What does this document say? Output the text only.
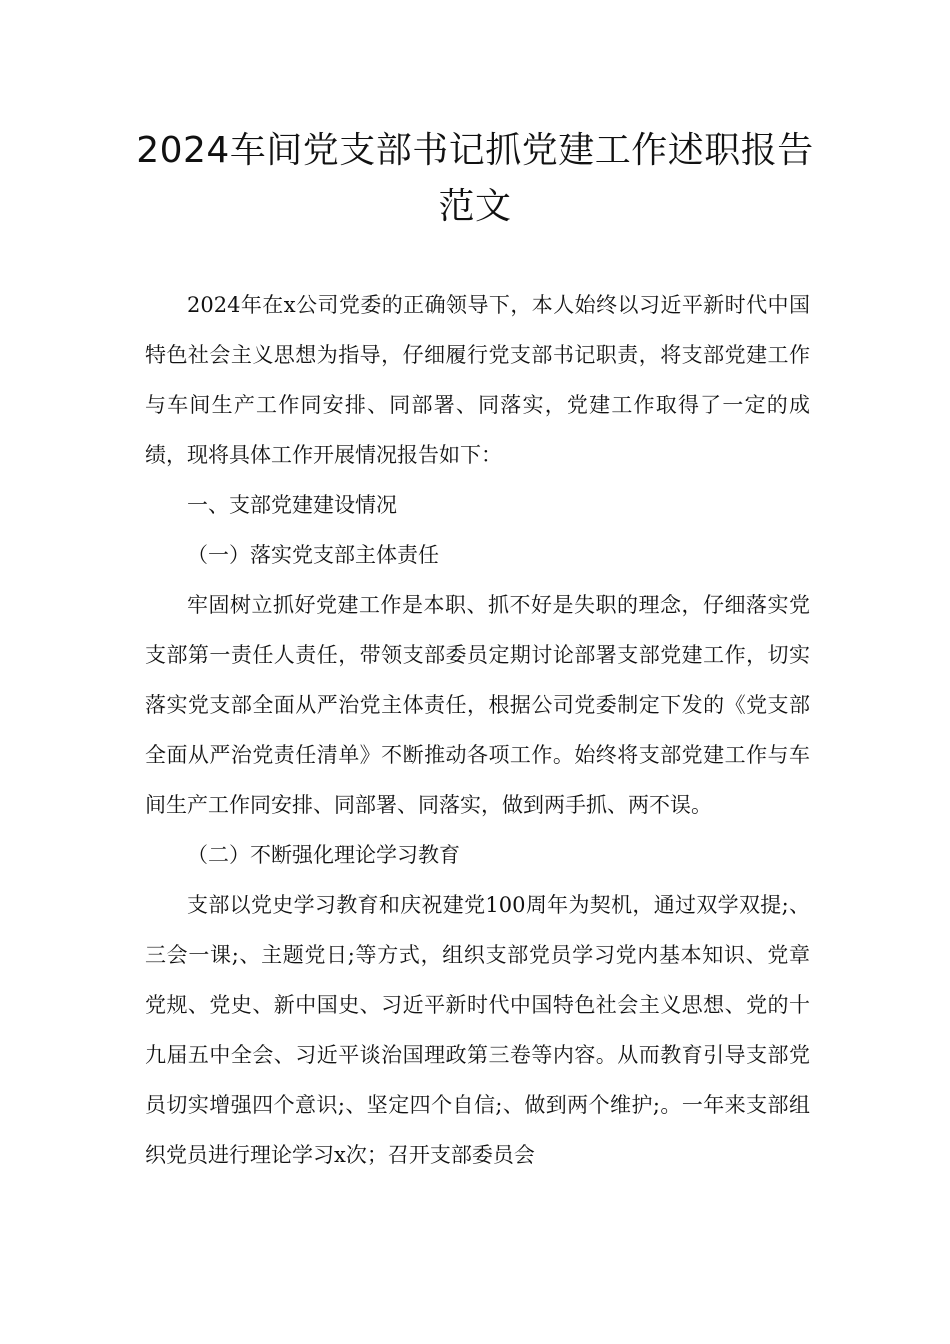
2024车间党支部书记抓党建工作述职报告范文

2024年在x公司党委的正确领导下，本人始终以习近平新时代中国特色社会主义思想为指导，仔细履行党支部书记职责，将支部党建工作与车间生产工作同安排、同部署、同落实，党建工作取得了一定的成绩，现将具体工作开展情况报告如下：

一、支部党建建设情况

（一）落实党支部主体责任

牢固树立抓好党建工作是本职、抓不好是失职的理念，仔细落实党支部第一责任人责任，带领支部委员定期讨论部署支部党建工作，切实落实党支部全面从严治党主体责任，根据公司党委制定下发的《党支部全面从严治党责任清单》不断推动各项工作。始终将支部党建工作与车间生产工作同安排、同部署、同落实，做到两手抓、两不误。

（二）不断强化理论学习教育

支部以党史学习教育和庆祝建党100周年为契机，通过双学双提;、三会一课;、主题党日;等方式，组织支部党员学习党内基本知识、党章党规、党史、新中国史、习近平新时代中国特色社会主义思想、党的十九届五中全会、习近平谈治国理政第三卷等内容。从而教育引导支部党员切实增强四个意识;、坚定四个自信;、做到两个维护;。一年来支部组织党员进行理论学习x次；召开支部委员会
